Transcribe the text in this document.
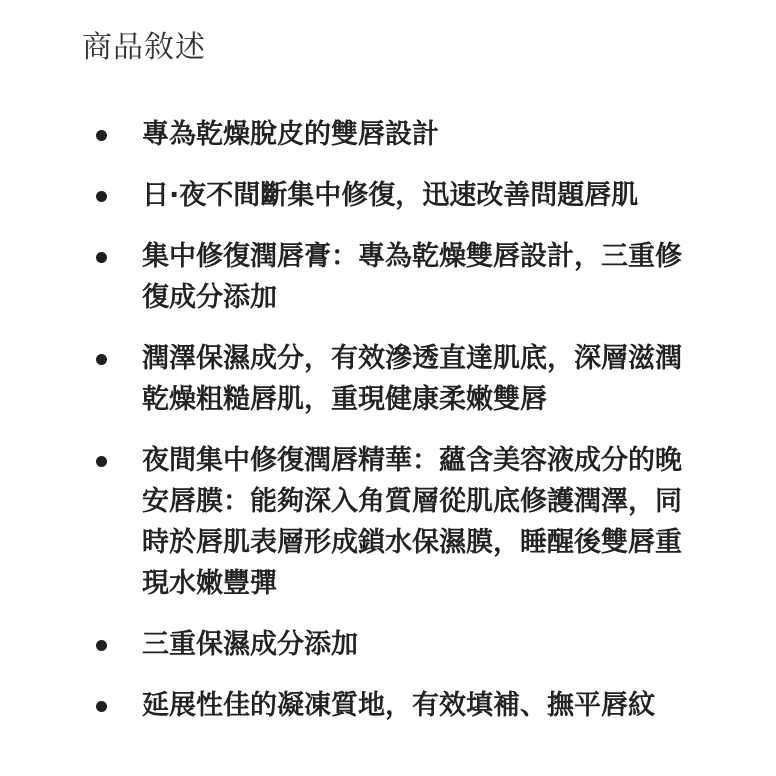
商品敘述
專為乾燥脫皮的雙唇設計
日·夜不間斷集中修復，迅速改善問題唇肌
集中修復潤唇膏：專為乾燥雙唇設計，三重修復成分添加
潤澤保濕成分，有效滲透直達肌底，深層滋潤乾燥粗糙唇肌，重現健康柔嫩雙唇
夜間集中修復潤唇精華：蘊含美容液成分的晚安唇膜：能夠深入角質層從肌底修護潤澤，同時於唇肌表層形成鎖水保濕膜，睡醒後雙唇重現水嫩豐彈
三重保濕成分添加
延展性佳的凝凍質地，有效填補、撫平唇紋
